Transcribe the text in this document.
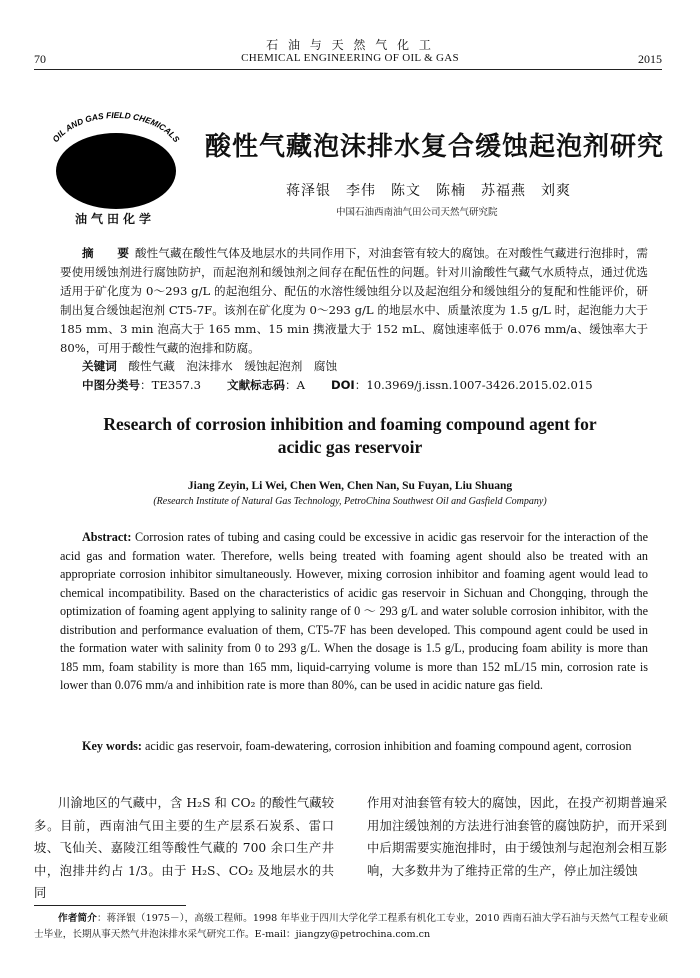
70
石 油 与 天 然 气 化 工
CHEMICAL ENGINEERING OF OIL & GAS	2015
OIL AND GAS FIELD CHEMICALS
油气田化学
酸性气藏泡沫排水复合缓蚀起泡剂研究
蒋泽银　李伟　陈文　陈楠　苏福燕　刘爽
中国石油西南油气田公司天然气研究院
摘　要酸性气藏在酸性气体及地层水的共同作用下，对油套管有较大的腐蚀。在对酸性气藏进行泡排时，需要使用缓蚀剂进行腐蚀防护，而起泡剂和缓蚀剂之间存在配伍性的问题。针对川渝酸性气藏气水质特点，通过优选适用于矿化度为 0～293 g/L 的起泡组分、配伍的水溶性缓蚀组分以及起泡组分和缓蚀组分的复配和性能评价，研制出复合缓蚀起泡剂 CT5-7F。该剂在矿化度为 0～293 g/L 的地层水中、质量浓度为 1.5 g/L 时，起泡能力大于 185 mm、3 min 泡高大于 165 mm、15 min 携液量大于 152 mL、腐蚀速率低于 0.076 mm/a、缓蚀率大于 80%，可用于酸性气藏的泡排和防腐。
关键词　 酸性气藏　泡沫排水　缓蚀起泡剂　腐蚀
中图分类号：TE357.3 文献标志码：A DOI：10.3969/j.issn.1007-3426.2015.02.015
Research of corrosion inhibition and foaming compound agent for acidic gas reservoir
Jiang Zeyin, Li Wei, Chen Wen, Chen Nan, Su Fuyan, Liu Shuang
(Research Institute of Natural Gas Technology, PetroChina Southwest Oil and Gasfield Company)
Abstract: Corrosion rates of tubing and casing could be excessive in acidic gas reservoir for the interaction of the acid gas and formation water. Therefore, wells being treated with foaming agent should also be treated with an appropriate corrosion inhibitor simultaneously. However, mixing corrosion inhibitor and foaming agent would lead to chemical incompatibility. Based on the characteristics of acidic gas reservoir in Sichuan and Chongqing, through the optimization of foaming agent applying to salinity range of 0 ～ 293 g/L and water soluble corrosion inhibitor, with the distribution and performance evaluation of them, CT5-7F has been developed. This compound agent could be used in the formation water with salinity from 0 to 293 g/L. When the dosage is 1.5 g/L, producing foam ability is more than 185 mm, foam stability is more than 165 mm, liquid-carrying volume is more than 152 mL/15 min, corrosion rate is lower than 0.076 mm/a and inhibition rate is more than 80%, can be used in acidic nature gas field.
Key words: acidic gas reservoir, foam-dewatering, corrosion inhibition and foaming compound agent, corrosion
川渝地区的气藏中，含 H₂S 和 CO₂ 的酸性气藏较多。目前，西南油气田主要的生产层系石炭系、雷口坡、飞仙关、嘉陵江组等酸性气藏的 700 余口生产井中，泡排井约占 1/3。由于 H₂S、CO₂ 及地层水的共同
作用对油套管有较大的腐蚀，因此，在投产初期普遍采用加注缓蚀剂的方法进行油套管的腐蚀防护，而开采到中后期需要实施泡排时，由于缓蚀剂与起泡剂会相互影响，大多数井为了维持正常的生产，停止加注缓蚀
作者简介：蒋泽银（1975－），高级工程师。1998 年毕业于四川大学化学工程系有机化工专业，2010 西南石油大学石油与天然气工程专业硕士毕业，长期从事天然气井泡沫排水采气研究工作。E-mail：jiangzy@petrochina.com.cn
